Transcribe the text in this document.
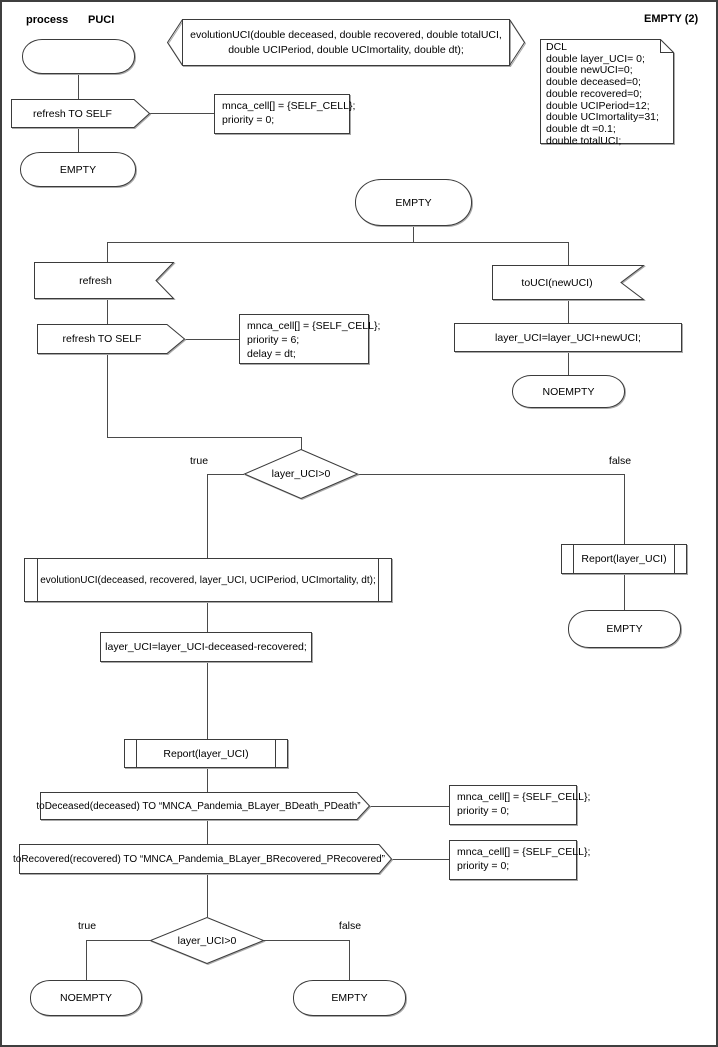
process PUCI	EMPTY (2)
refresh TO SELF
mnca_cell[] = {SELF_CELL};
priority = 0;
EMPTY
evolutionUCI(double deceased, double recovered, double totalUCI,
double UCIPeriod, double UCImortality, double dt);	DCL
double layer_UCI= 0;
double newUCI=0;
double deceased=0;
double recovered=0;
double UCIPeriod=12;
double UCImortality=31;
double dt =0.1;
double totalUCI;
EMPTY
refresh
refresh TO SELF
mnca_cell[] = {SELF_CELL};
priority = 6;
delay = dt;
toUCI(newUCI)
layer_UCI=layer_UCI+newUCI;
NOEMPTY
layer_UCI>0
true	false
Report(layer_UCI)
EMPTY
evolutionUCI(deceased, recovered, layer_UCI, UCIPeriod, UCImortality, dt);
layer_UCI=layer_UCI-deceased-recovered;
Report(layer_UCI)
toDeceased(deceased) TO “MNCA_Pandemia_BLayer_BDeath_PDeath”
mnca_cell[] = {SELF_CELL};
priority = 0;
toRecovered(recovered) TO “MNCA_Pandemia_BLayer_BRecovered_PRecovered”
mnca_cell[] = {SELF_CELL};
priority = 0;
layer_UCI>0
true	false
NOEMPTY	EMPTY
